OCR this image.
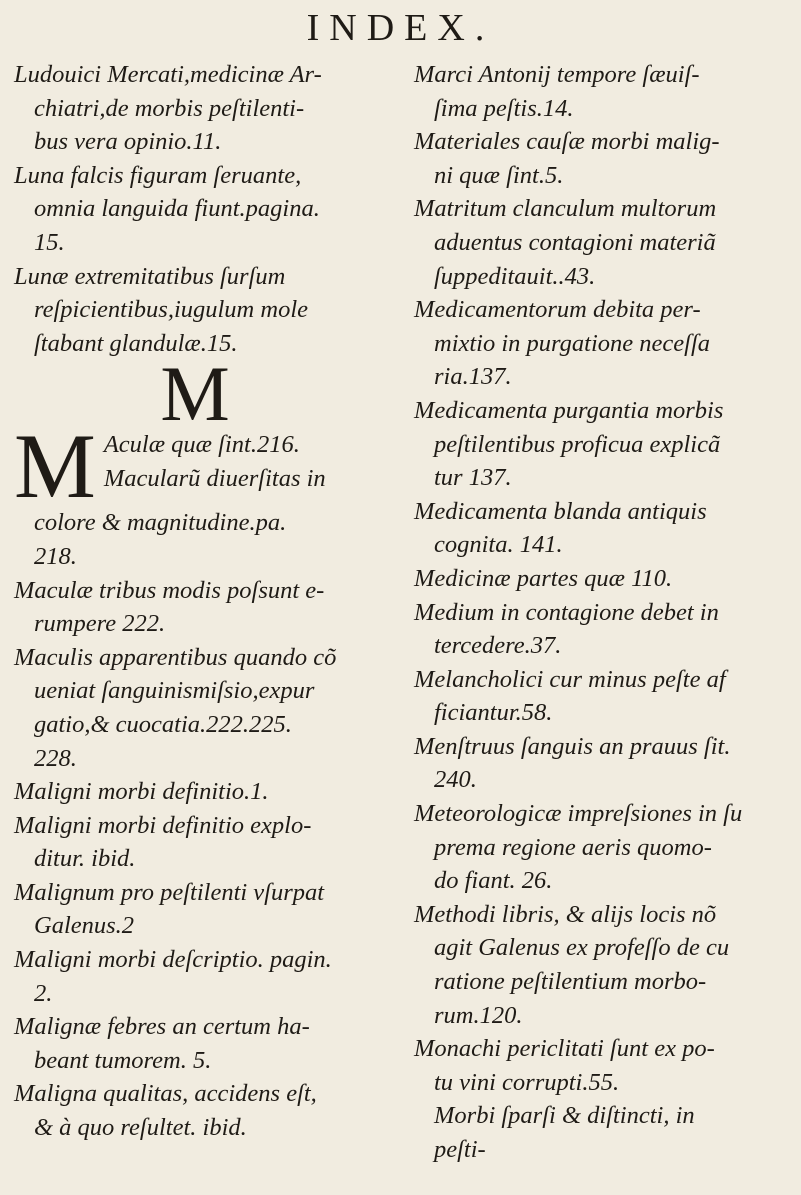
INDEX.
Ludouici Mercati,medicinæ Ar-
chiatri,de morbis peſtilenti-
bus vera opinio.11.
Luna falcis figuram ſeruante,
omnia languida fiunt.pagina.
15.
Lunæ extremitatibus ſurſum
reſpicientibus,iugulum mole
ſtabant glandulæ.15.
M
M Aculæ quæ ſint.216.
Macularũ diuerſitas in
colore & magnitudine.pa.
218.
Maculæ tribus modis poſsunt e-
rumpere 222.
Maculis apparentibus quando cõ
ueniat ſanguinismiſsio,expur
gatio,& cuocatia.222.225.
228.
Maligni morbi definitio.1.
Maligni morbi definitio explo-
ditur. ibid.
Malignum pro peſtilenti vſurpat
Galenus.2
Maligni morbi deſcriptio. pagin.
2.
Malignæ febres an certum ha-
beant tumorem. 5.
Maligna qualitas, accidens eſt,
& à quo reſultet. ibid.
Marci Antonij tempore ſæuiſ-
ſima peſtis.14.
Materiales cauſæ morbi malig-
ni quæ ſint.5.
Matritum clanculum multorum
aduentus contagioni materiã
ſuppeditauit..43.
Medicamentorum debita per-
mixtio in purgatione neceſſa
ria.137.
Medicamenta purgantia morbis
peſtilentibus proficua explicã
tur 137.
Medicamenta blanda antiquis
cognita. 141.
Medicinæ partes quæ 110.
Medium in contagione debet in
tercedere.37.
Melancholici cur minus peſte af
ficiantur.58.
Menſtruus ſanguis an prauus ſit.
240.
Meteorologicæ impreſsiones in ſu
prema regione aeris quomo-
do fiant. 26.
Methodi libris, & alijs locis nõ
agit Galenus ex profeſſo de cu
ratione peſtilentium morbo-
rum.120.
Monachi periclitati ſunt ex po-
tu vini corrupti.55.
Morbi ſparſi & diſtincti, in
peſti-
